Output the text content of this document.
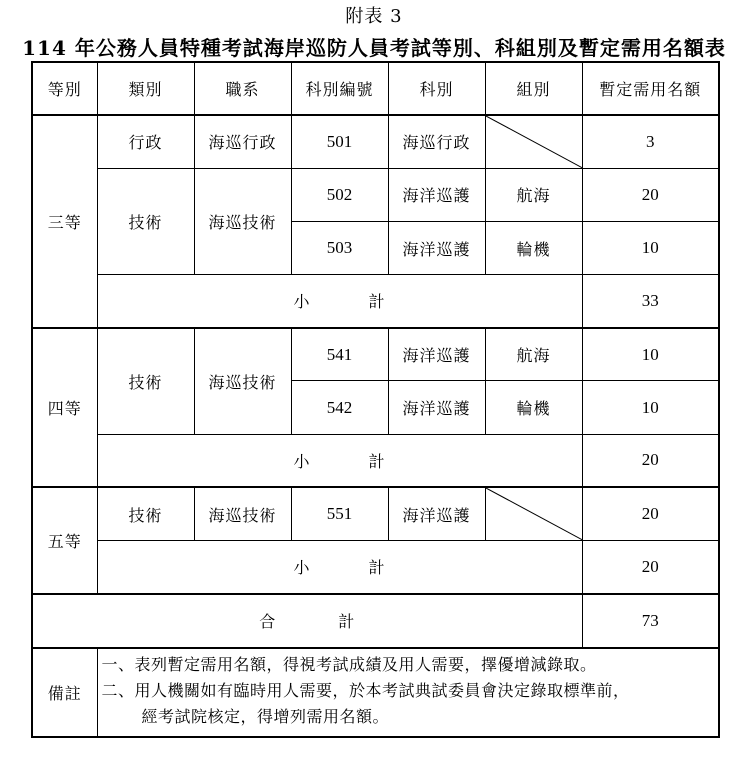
附表 3
114 年公務人員特種考試海岸巡防人員考試等別、科組別及暫定需用名額表
等別	類別	職系	科別編號	科別	組別	暫定需用名額
三等	行政	海巡行政	501	海巡行政		3
	技術	海巡技術	502	海洋巡護	航海	20
			503	海洋巡護	輪機	10
	小 計					33
四等	技術	海巡技術	541	海洋巡護	航海	10
			542	海洋巡護	輪機	10
	小 計					20
五等	技術	海巡技術	551	海洋巡護		20
	小 計					20
合 計						73
備註	一、表列暫定需用名額，得視考試成績及用人需要，擇優增減錄取。
二、用人機關如有臨時用人需要，於本考試典試委員會決定錄取標準前，
經考試院核定，得增列需用名額。					
